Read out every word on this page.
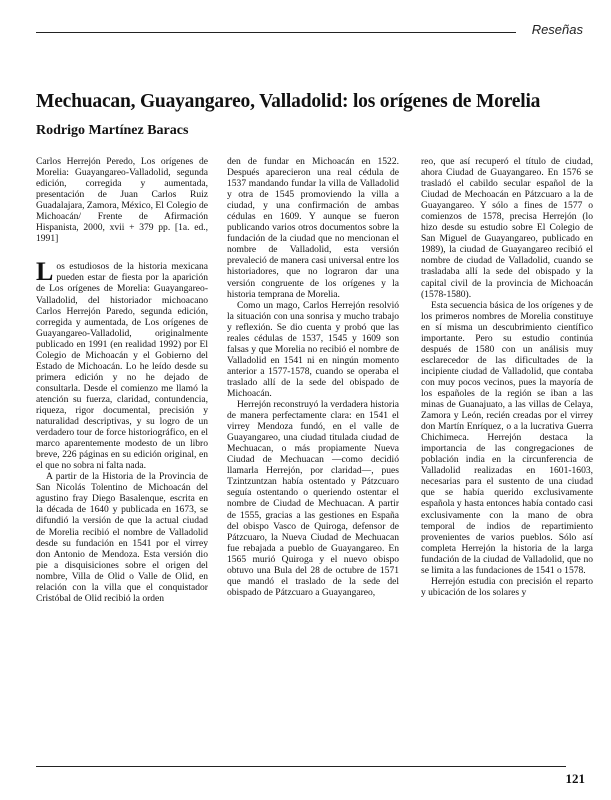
Reseñas
Mechuacan, Guayangareo, Valladolid: los orígenes de Morelia
Rodrigo Martínez Baracs

Carlos Herrejón Peredo, Los orígenes de Morelia: Guayangareo-Valladolid, segunda edición, corregida y aumentada, presentación de Juan Carlos Ruiz Guadalajara, Zamora, México, El Colegio de Michoacán/ Frente de Afirmación Hispanista, 2000, xvii + 379 pp. [1a. ed., 1991]

Los estudiosos de la historia mexicana pueden estar de fiesta por la aparición de Los orígenes de Morelia: Guayangareo-Valladolid, del historiador michoacano Carlos Herrejón Paredo, segunda edición, corregida y aumentada, de Los orígenes de Guayangareo-Valladolid, originalmente publicado en 1991 (en realidad 1992) por El Colegio de Michoacán y el Gobierno del Estado de Michoacán. Lo he leído desde su primera edición y no he dejado de consultarla. Desde el comienzo me llamó la atención su fuerza, claridad, contundencia, riqueza, rigor documental, precisión y naturalidad descriptivas, y su logro de un verdadero tour de force historiográfico, en el marco aparentemente modesto de un libro breve, 226 páginas en su edición original, en el que no sobra ni falta nada.

A partir de la Historia de la Provincia de San Nicolás Tolentino de Michoacán del agustino fray Diego Basalenque, escrita en la década de 1640 y publicada en 1673, se difundió la versión de que la actual ciudad de Morelia recibió el nombre de Valladolid desde su fundación en 1541 por el virrey don Antonio de Mendoza. Esta versión dio pie a disquisiciones sobre el origen del nombre, Villa de Olid o Valle de Olid, en relación con la villa que el conquistador Cristóbal de Olid recibió la orden

den de fundar en Michoacán en 1522. Después aparecieron una real cédula de 1537 mandando fundar la villa de Valladolid y otra de 1545 promoviendo la villa a ciudad, y una confirmación de ambas cédulas en 1609. Y aunque se fueron publicando varios otros documentos sobre la fundación de la ciudad que no mencionan el nombre de Valladolid, esta versión prevaleció de manera casi universal entre los historiadores, que no lograron dar una versión congruente de los orígenes y la historia temprana de Morelia.

Como un mago, Carlos Herrejón resolvió la situación con una sonrisa y mucho trabajo y reflexión. Se dio cuenta y probó que las reales cédulas de 1537, 1545 y 1609 son falsas y que Morelia no recibió el nombre de Valladolid en 1541 ni en ningún momento anterior a 1577-1578, cuando se operaba el traslado allí de la sede del obispado de Michoacán.

Herrejón reconstruyó la verdadera historia de manera perfectamente clara: en 1541 el virrey Mendoza fundó, en el valle de Guayangareo, una ciudad titulada ciudad de Mechuacan, o más propiamente Nueva Ciudad de Mechuacan —como decidió llamarla Herrejón, por claridad—, pues Tzintzuntzan había ostentado y Pátzcuaro seguía ostentando o queriendo ostentar el nombre de Ciudad de Mechuacan. A partir de 1555, gracias a las gestiones en España del obispo Vasco de Quiroga, defensor de Pátzcuaro, la Nueva Ciudad de Mechuacan fue rebajada a pueblo de Guayangareo. En 1565 murió Quiroga y el nuevo obispo obtuvo una Bula del 28 de octubre de 1571 que mandó el traslado de la sede del obispado de Pátzcuaro a Guayangareo,

reo, que así recuperó el título de ciudad, ahora Ciudad de Guayangareo. En 1576 se trasladó el cabildo secular español de la Ciudad de Mechoacán en Pátzcuaro a la de Guayangareo. Y sólo a fines de 1577 o comienzos de 1578, precisa Herrejón (lo hizo desde su estudio sobre El Colegio de San Miguel de Guayangareo, publicado en 1989), la ciudad de Guayangareo recibió el nombre de ciudad de Valladolid, cuando se trasladaba allí la sede del obispado y la capital civil de la provincia de Michoacán (1578-1580).

Esta secuencia básica de los orígenes y de los primeros nombres de Morelia constituye en sí misma un descubrimiento científico importante. Pero su estudio continúa después de 1580 con un análisis muy esclarecedor de las dificultades de la incipiente ciudad de Valladolid, que contaba con muy pocos vecinos, pues la mayoría de los españoles de la región se iban a las minas de Guanajuato, a las villas de Celaya, Zamora y León, recién creadas por el virrey don Martín Enríquez, o a la lucrativa Guerra Chichimeca. Herrejón destaca la importancia de las congregaciones de población india en la circunferencia de Valladolid realizadas en 1601-1603, necesarias para el sustento de una ciudad que se había querido exclusivamente española y hasta entonces había contado casi exclusivamente con la mano de obra temporal de indios de repartimiento provenientes de varios pueblos. Sólo así completa Herrejón la historia de la larga fundación de la ciudad de Valladolid, que no se limita a las fundaciones de 1541 o 1578.

Herrejón estudia con precisión el reparto y ubicación de los solares y

121
